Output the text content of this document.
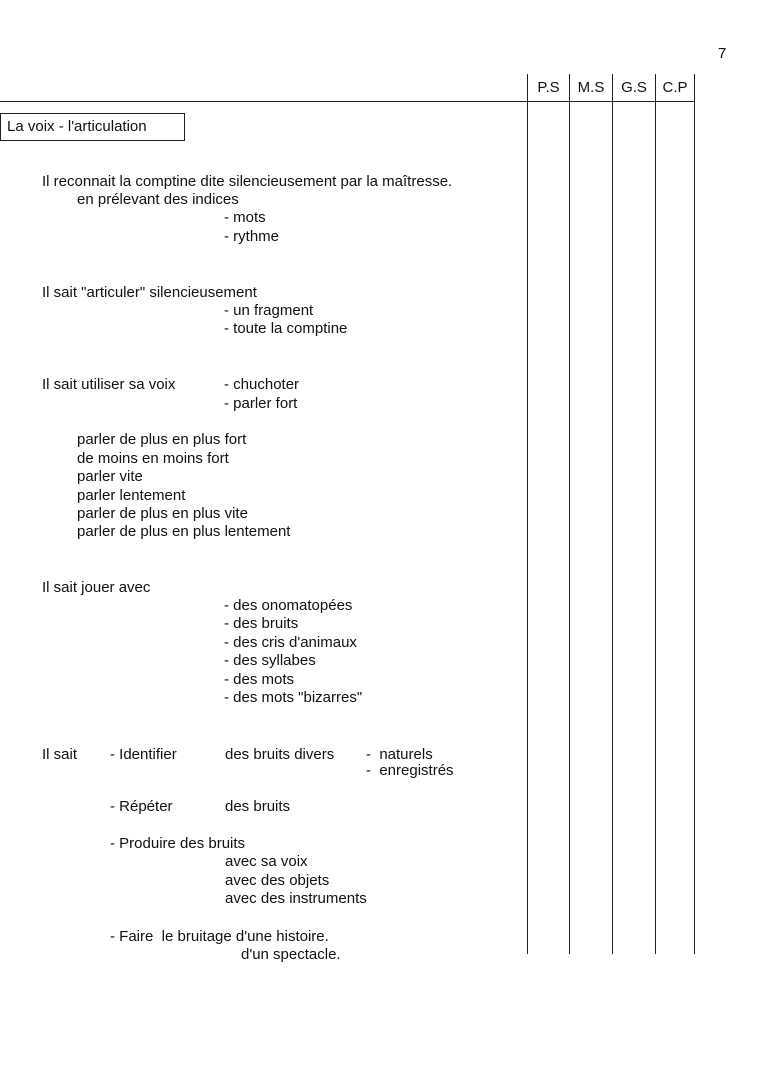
7
P.S	M.S	G.S	C.P
La voix - l'articulation
Il reconnait la comptine dite silencieusement par la maîtresse.
en prélevant des indices
- mots
- rythme
Il sait "articuler" silencieusement
- un fragment
- toute la comptine
Il sait utiliser sa voix	- chuchoter
- parler fort
parler de plus en plus fort
de moins en moins fort
parler vite
parler lentement
parler de plus en plus vite
parler de plus en plus lentement
Il sait jouer avec
- des onomatopées
- des bruits
- des cris d'animaux
- des syllabes
- des mots
- des mots "bizarres"
Il sait - Identifier	des bruits divers -  naturels
-  enregistrés
- Répéter	des bruits
- Produire des bruits
avec sa voix
avec des objets
avec des instruments
- Faire  le bruitage d'une histoire.
d'un spectacle.
